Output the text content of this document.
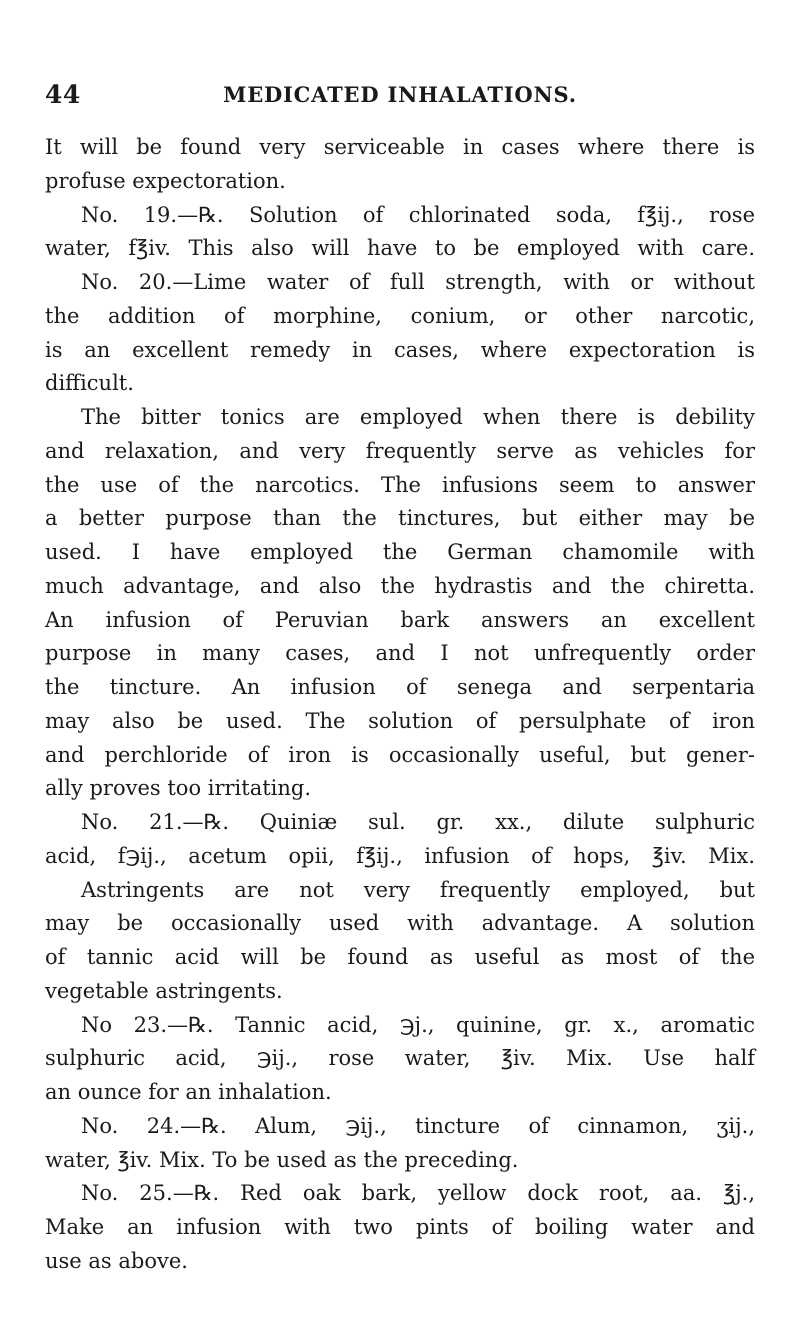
44	MEDICATED INHALATIONS.
It will be found very serviceable in cases where there is
profuse expectoration.
No. 19.—℞. Solution of chlorinated soda, f℥ij., rose
water, f℥iv. This also will have to be employed with care.
No. 20.—Lime water of full strength, with or without
the addition of morphine, conium, or other narcotic,
is an excellent remedy in cases, where expectoration is
difficult.
The bitter tonics are employed when there is debility
and relaxation, and very frequently serve as vehicles for
the use of the narcotics. The infusions seem to answer
a better purpose than the tinctures, but either may be
used. I have employed the German chamomile with
much advantage, and also the hydrastis and the chiretta.
An infusion of Peruvian bark answers an excellent
purpose in many cases, and I not unfrequently order
the tincture. An infusion of senega and serpentaria
may also be used. The solution of persulphate of iron
and perchloride of iron is occasionally useful, but gener-
ally proves too irritating.
No. 21.—℞. Quiniæ sul. gr. xx., dilute sulphuric
acid, f℈ij., acetum opii, f℥ij., infusion of hops, ℥iv. Mix.
Astringents are not very frequently employed, but
may be occasionally used with advantage. A solution
of tannic acid will be found as useful as most of the
vegetable astringents.
No 23.—℞. Tannic acid, ℈j., quinine, gr. x., aromatic
sulphuric acid, ℈ij., rose water, ℥iv. Mix. Use half
an ounce for an inhalation.
No. 24.—℞. Alum, ℈ij., tincture of cinnamon, ʒij.,
water, ℥iv. Mix. To be used as the preceding.
No. 25.—℞. Red oak bark, yellow dock root, aa. ℥j.,
Make an infusion with two pints of boiling water and
use as above.
